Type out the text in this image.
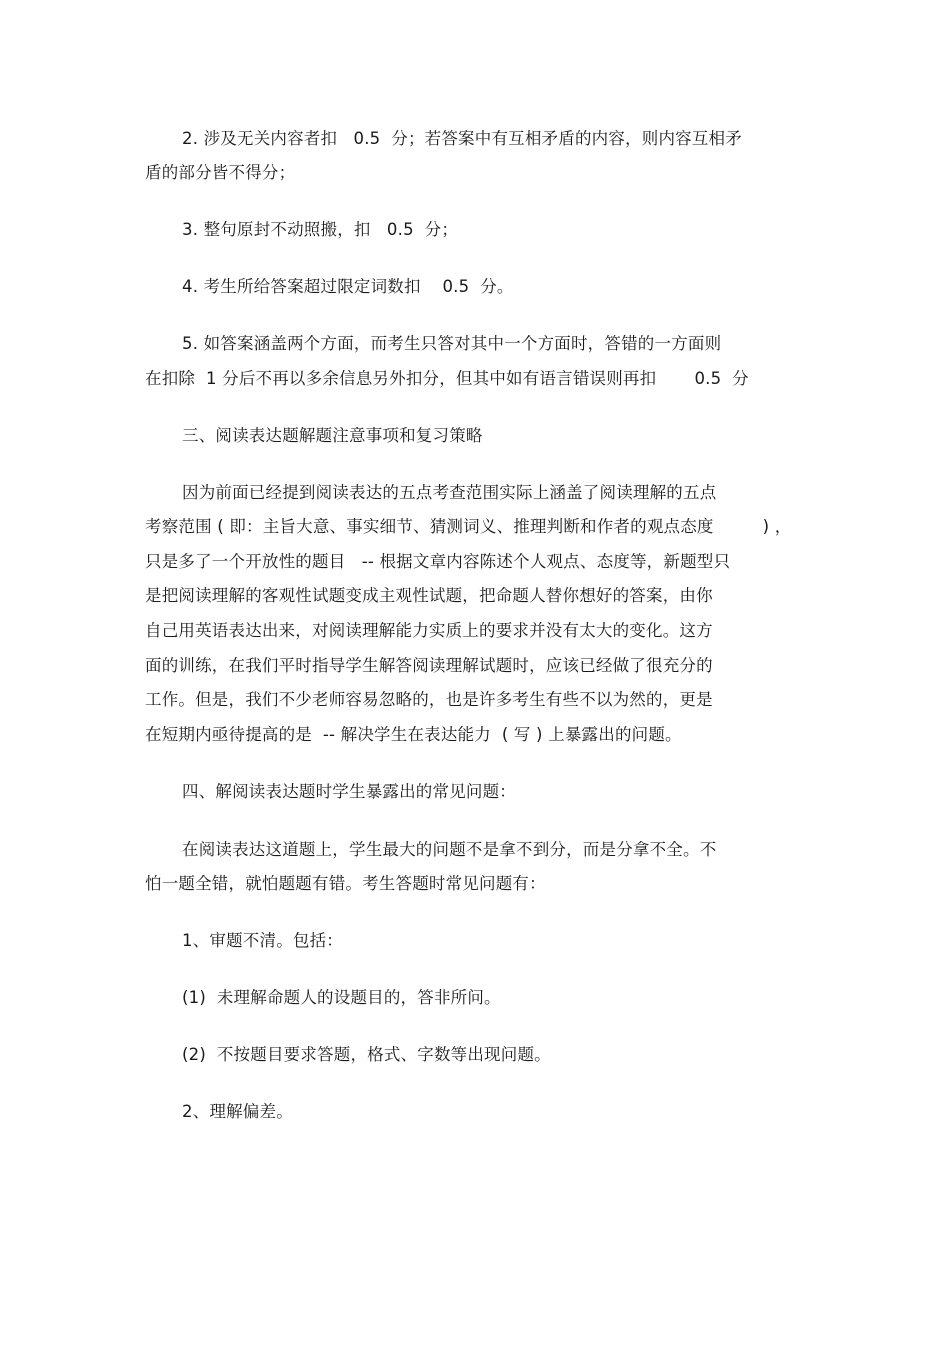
2. 涉及无关内容者扣   0.5  分；若答案中有互相矛盾的内容，则内容互相矛
盾的部分皆不得分；
3. 整句原封不动照搬，扣   0.5  分；
4. 考生所给答案超过限定词数扣    0.5  分。
5. 如答案涵盖两个方面，而考生只答对其中一个方面时，答错的一方面则
在扣除  1 分后不再以多余信息另外扣分，但其中如有语言错误则再扣       0.5  分
三、阅读表达题解题注意事项和复习策略
因为前面已经提到阅读表达的五点考查范围实际上涵盖了阅读理解的五点
考察范围 ( 即：主旨大意、事实细节、猜测词义、推理判断和作者的观点态度         ) ，
只是多了一个开放性的题目   -- 根据文章内容陈述个人观点、态度等，新题型只
是把阅读理解的客观性试题变成主观性试题，把命题人替你想好的答案，由你
自己用英语表达出来，对阅读理解能力实质上的要求并没有太大的变化。这方
面的训练，在我们平时指导学生解答阅读理解试题时，应该已经做了很充分的
工作。但是，我们不少老师容易忽略的，也是许多考生有些不以为然的，更是
在短期内亟待提高的是  -- 解决学生在表达能力  ( 写 ) 上暴露出的问题。
四、解阅读表达题时学生暴露出的常见问题：
在阅读表达这道题上，学生最大的问题不是拿不到分，而是分拿不全。不
怕一题全错，就怕题题有错。考生答题时常见问题有：
1、审题不清。包括：
(1)  未理解命题人的设题目的，答非所问。
(2)  不按题目要求答题，格式、字数等出现问题。
2、理解偏差。
